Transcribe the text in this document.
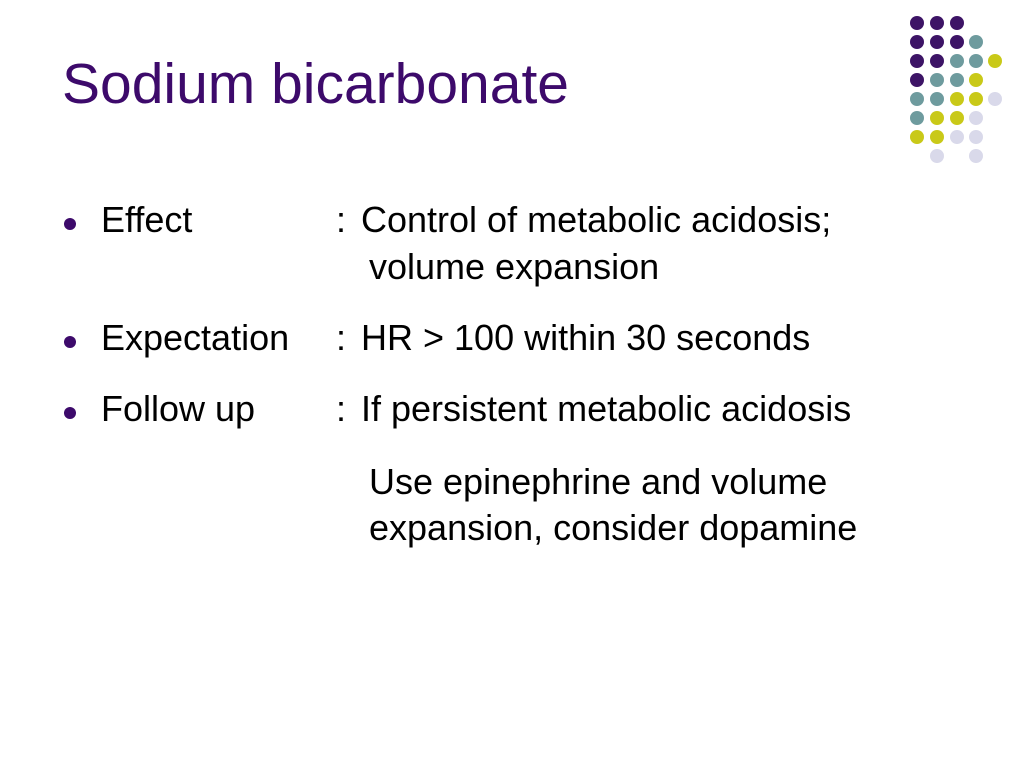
Sodium bicarbonate
Effect	: Control of metabolic acidosis;
volume expansion
Expectation : HR > 100 within 30 seconds
Follow up : If persistent metabolic acidosis
Use epinephrine and volume
expansion, consider dopamine
